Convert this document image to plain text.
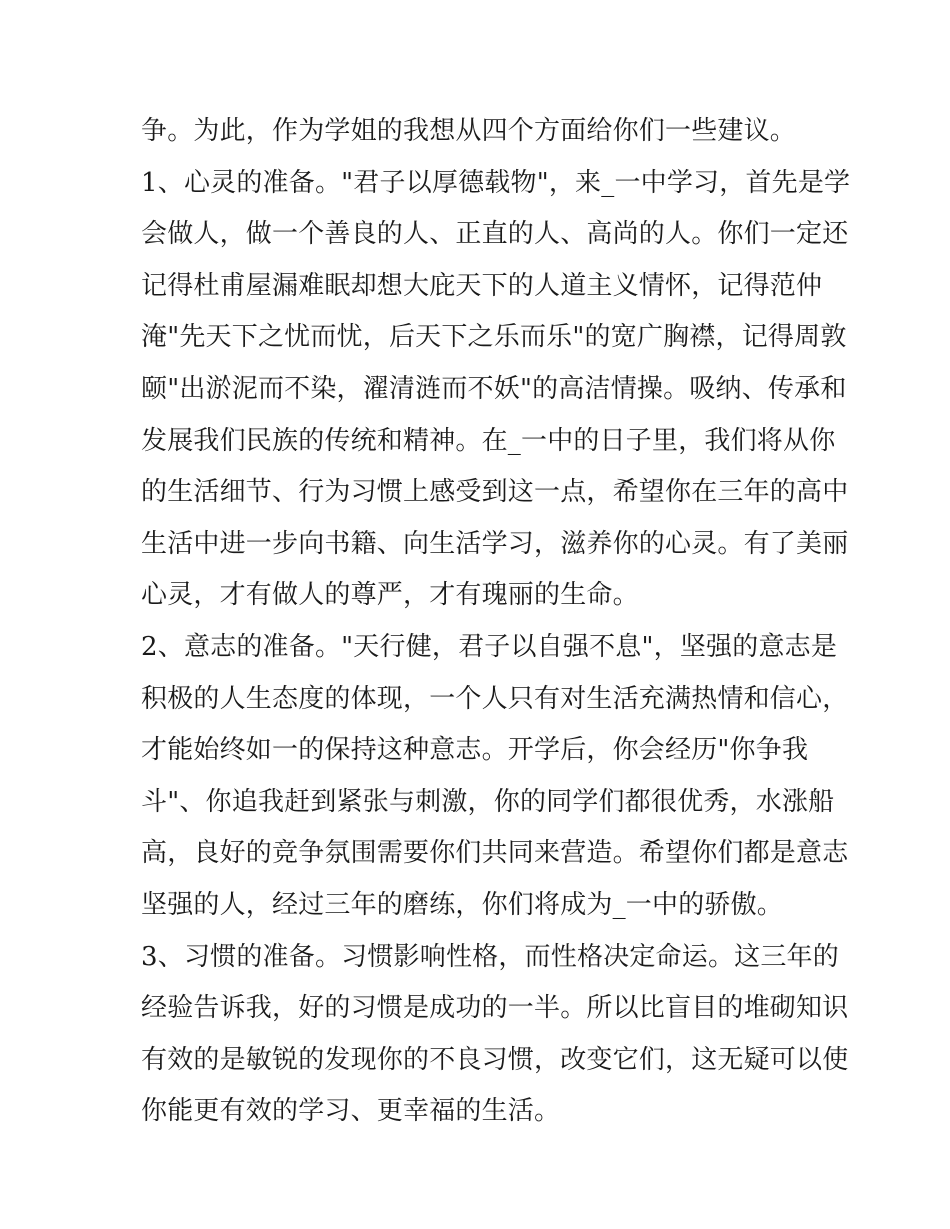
争。为此，作为学姐的我想从四个方面给你们一些建议。
1、心灵的准备。"君子以厚德载物"，来_一中学习，首先是学
会做人，做一个善良的人、正直的人、高尚的人。你们一定还
记得杜甫屋漏难眠却想大庇天下的人道主义情怀，记得范仲
淹"先天下之忧而忧，后天下之乐而乐"的宽广胸襟，记得周敦
颐"出淤泥而不染，濯清涟而不妖"的高洁情操。吸纳、传承和
发展我们民族的传统和精神。在_一中的日子里，我们将从你
的生活细节、行为习惯上感受到这一点，希望你在三年的高中
生活中进一步向书籍、向生活学习，滋养你的心灵。有了美丽
心灵，才有做人的尊严，才有瑰丽的生命。
2、意志的准备。"天行健，君子以自强不息"，坚强的意志是
积极的人生态度的体现，一个人只有对生活充满热情和信心，
才能始终如一的保持这种意志。开学后，你会经历"你争我
斗"、你追我赶到紧张与刺激，你的同学们都很优秀，水涨船
高，良好的竞争氛围需要你们共同来营造。希望你们都是意志
坚强的人，经过三年的磨练，你们将成为_一中的骄傲。
3、习惯的准备。习惯影响性格，而性格决定命运。这三年的
经验告诉我，好的习惯是成功的一半。所以比盲目的堆砌知识
有效的是敏锐的发现你的不良习惯，改变它们，这无疑可以使
你能更有效的学习、更幸福的生活。
